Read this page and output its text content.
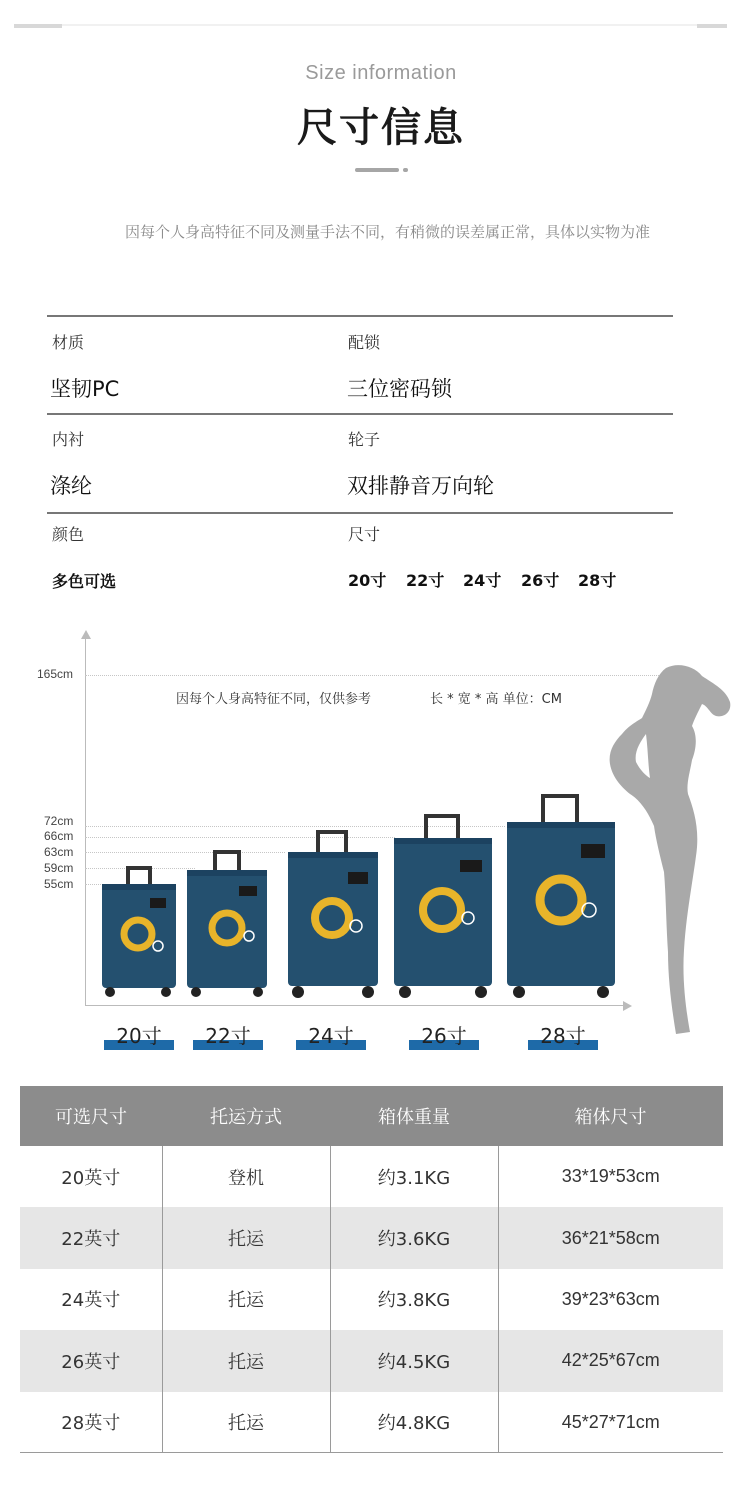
Size information
尺寸信息
因每个人身高特征不同及测量手法不同，有稍微的误差属正常，具体以实物为准
材质	配锁
坚韧PC	三位密码锁
内衬	轮子
涤纶	双排静音万向轮
颜色	尺寸
多色可选	20寸 22寸 24寸 26寸 28寸
165cm
72cm
66cm
63cm
59cm
55cm
因每个人身高特征不同，仅供参考	长 * 宽 * 高 单位：CM
20寸	22寸	24寸	26寸	28寸
可选尺寸	托运方式	箱体重量	箱体尺寸
20英寸	登机	约3.1KG	33*19*53cm
22英寸	托运	约3.6KG	36*21*58cm
24英寸	托运	约3.8KG	39*23*63cm
26英寸	托运	约4.5KG	42*25*67cm
28英寸	托运	约4.8KG	45*27*71cm
